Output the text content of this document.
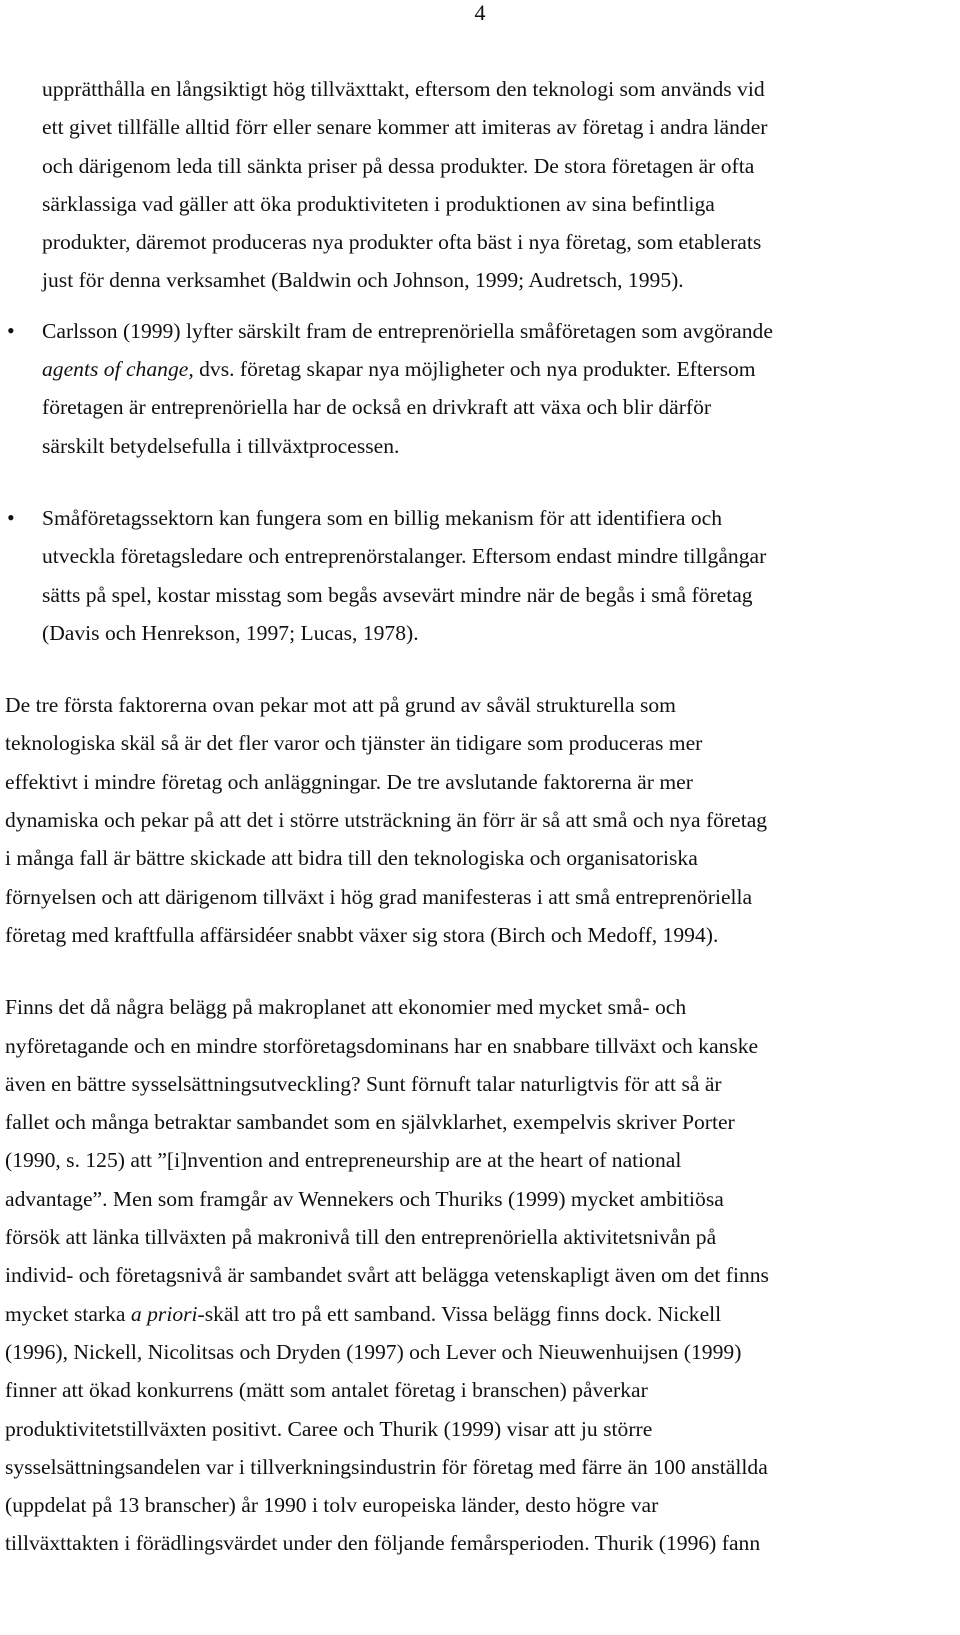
4
upprätthålla en långsiktigt hög tillväxttakt, eftersom den teknologi som används vid
ett givet tillfälle alltid förr eller senare kommer att imiteras av företag i andra länder
och därigenom leda till sänkta priser på dessa produkter. De stora företagen är ofta
särklassiga vad gäller att öka produktiviteten i produktionen av sina befintliga
produkter, däremot produceras nya produkter ofta bäst i nya företag, som etablerats
just för denna verksamhet (Baldwin och Johnson, 1999; Audretsch, 1995).
• Carlsson (1999) lyfter särskilt fram de entreprenöriella småföretagen som avgörande
agents of change, dvs. företag skapar nya möjligheter och nya produkter. Eftersom
företagen är entreprenöriella har de också en drivkraft att växa och blir därför
särskilt betydelsefulla i tillväxtprocessen.
• Småföretagssektorn kan fungera som en billig mekanism för att identifiera och
utveckla företagsledare och entreprenörstalanger. Eftersom endast mindre tillgångar
sätts på spel, kostar misstag som begås avsevärt mindre när de begås i små företag
(Davis och Henrekson, 1997; Lucas, 1978).
De tre första faktorerna ovan pekar mot att på grund av såväl strukturella som
teknologiska skäl så är det fler varor och tjänster än tidigare som produceras mer
effektivt i mindre företag och anläggningar. De tre avslutande faktorerna är mer
dynamiska och pekar på att det i större utsträckning än förr är så att små och nya företag
i många fall är bättre skickade att bidra till den teknologiska och organisatoriska
förnyelsen och att därigenom tillväxt i hög grad manifesteras i att små entreprenöriella
företag med kraftfulla affärsidéer snabbt växer sig stora (Birch och Medoff, 1994).
Finns det då några belägg på makroplanet att ekonomier med mycket små- och
nyföretagande och en mindre storföretagsdominans har en snabbare tillväxt och kanske
även en bättre sysselsättningsutveckling? Sunt förnuft talar naturligtvis för att så är
fallet och många betraktar sambandet som en självklarhet, exempelvis skriver Porter
(1990, s. 125) att ”[i]nvention and entrepreneurship are at the heart of national
advantage”. Men som framgår av Wennekers och Thuriks (1999) mycket ambitiösa
försök att länka tillväxten på makronivå till den entreprenöriella aktivitetsnivån på
individ- och företagsnivå är sambandet svårt att belägga vetenskapligt även om det finns
mycket starka a priori-skäl att tro på ett samband. Vissa belägg finns dock. Nickell
(1996), Nickell, Nicolitsas och Dryden (1997) och Lever och Nieuwenhuijsen (1999)
finner att ökad konkurrens (mätt som antalet företag i branschen) påverkar
produktivitetstillväxten positivt. Caree och Thurik (1999) visar att ju större
sysselsättningsandelen var i tillverkningsindustrin för företag med färre än 100 anställda
(uppdelat på 13 branscher) år 1990 i tolv europeiska länder, desto högre var
tillväxttakten i förädlingsvärdet under den följande femårsperioden. Thurik (1996) fann
